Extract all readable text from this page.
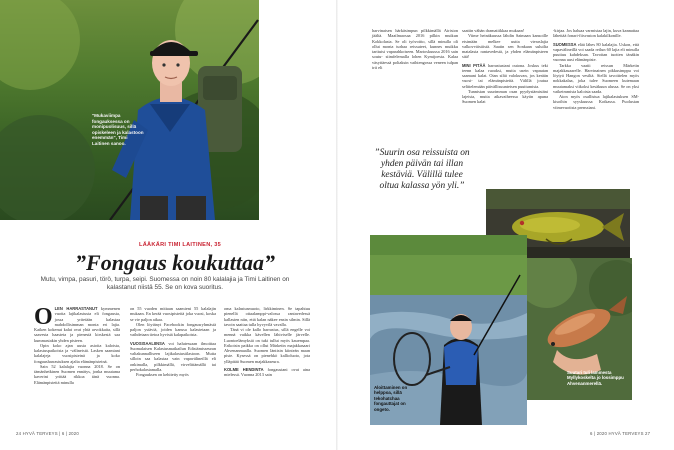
"Mukaviimpa fongauksessa on monipuolisuus, sillä opiskeleen ja kalastoon enemmän", Timi Laitinen sanoo.
LÄÄKÄRI TIMI LAITINEN, 35
”Fongaus koukuttaa”
Mutu, vimpa, pasuri, törö, turpa, seipi. Suomessa on noin 80 kalalajia ja Timi Laitinen on kalastanut niistä 55. Se on kova suoritus.
O LEN HARRASTANUT kymmenen vuotta lajikalastusta eli fongausta, jossa yritetään kalastaa mahdollisimman monta eri lajia. Kaiken kokenut kalat ovat yhtä arvokkaita, sillä saavesta haasteta ja pienestä kirskestä saa kummastakin yhden pisteen.

Opin koko ajan uusia asioita kaloista, kalastuspaikoista ja -välineistä. Lasken saamiani kalalajeja vuosipisteinä ja koko fongausharrastuksen ajalta elämänpisteinä.

Sain 52 kalalajia vuonna 2018. Se on tämänhetkinen Suomen ennätys, jonka muutama kaverini yrittää rikkoa tänä vuonna. Elämänpisteitä minulla

on 55 vuoden mittaan saamieni 55 kalalajin mukaan. En kerää vuosipisteitä joka vuosi, koska se vie paljon aikaa.

Olen löytänyt Facebookin fongausryhmästä paljon ystäviä, joiden kanssa kalastetaan ja vaihdetaan tietoa hyvistä kalapaikoista.

VUOSISAALIINSA voi halutessaan ilmoittaa Suomalaisen Kalastusmatkailun Edistämisseuran valtakunnalliseen lajikalastustilastoon. Mutta silloin saa kalastaa vain vapavälineillä eli onkimalla, pilkkimällä, virvelittämällä tai perhokalastamalla.

Fongauksen on kehitetty myös

oma kalastusmuoto, lirkkiminen. Se tapahtuu pienellä ottaalamppi-valossa rantavedessä kallasten niin, että kalan näkee ensin silmin. Sillä tavoin saattaa tulla hyvyvilä vavalla.

Tänä vi ole kallo harrastus, sillä engelle voi mennä vaikka kävellen lähiviselle järvelle. Luontoelämyksiä on tuki tullut myös kauempaa. Erikoisin paikka on ollut Märketin majakkasaari Ahvenanmaalla. Suomen läntisin kiinteän maan piste. Kysessä on pienehkö kallioluoto, jota ylläpitää Suomen majakkaseura.

KOLME HENDINTA fongaustani ovat aina mielessä. Vuonna 2013 sain

24 HYVÄ TERVEYS | 6 | 2020

harvinaisen härkäsimpun pilkkimällä Airiston jäältä. Maailmaosaa 2016 pilkin muikun Kokkolasta. Se oli työvoitto, sillä minulla oli ollut monta turhaa reissuteet, kunnes muikku tarttuisi vaparahkoiseen. Martoskuussa 2016 sain soutu- siimfelemalla lohen Kymijoesta. Kalaa väsyttäessä poltaksin vaihtengossa veneen tulpan irti eli

saattin vähän dramatiikkaa mukaan!

Viime heinäkuussa lähdin Saimaan kansoille etsimään melkee uutta vieraslajia valkovväistiistä. Saatin sen Sonkaan suluilta matalasta rantavedestä, ja yhden elämänpisteen sitä!

MINI PITÄÄ harrastustani outona. Joskus teki teenn kalaa ruoaksi, mutta usein vapautan saamani kalat. Otan siltä valokuvan, jos kerään vuosi- tai elämänpisteitä. Välillä joutua selittelemään päivällisuunteisen puuttumista.

Tunnistan suurimman osan pyydystämistäni lajeista, mutta aikavaiheessa käytin apuna Suomen kalat

-kirjaa. Jos haluaa varmistaa lajin, kuva kannattaa lähettää fonari-fiisvaston kalakilkonille.

SUOMESSA elää lähes 80 kalalajia. Uskon, että vapavälineillä voi saada reilun 60 lajia eli minulla puuttuu kahdeksan. Tavoitan tuotten tänäkin vuonna uusi elämänpiste.

Tarkka vaatii reissun Märketin majakkasaarelle. Harvinainen pikkusimppu voi löytyä Hangon vesiltä. Siellä tavoittelen myös nokkakalaa, joka tulee Suomeen kutemaan muutamaksi viikoksi kesäkuun alussa. Se on yksi vaikeimmista kaloista saada.

Aion myös osallistua lajikalastuksen SM-kisoihin syyskuussa Kotkassa. Puolustan viimevuotista prenssiani.

”Suurin osa reissuista on yhden päivän tai illan kestäviä. Välillä tulee oltua kalassa yön yli.”
Aloittaminen on helppoa, sillä tekohatchaa fongauttajat on ongeto.
Suutari tuli lammesta Myllykoskelta jo lossimppu Ahvenanmerellä.
6 | 2020 HYVÄ TERVEYS 27
